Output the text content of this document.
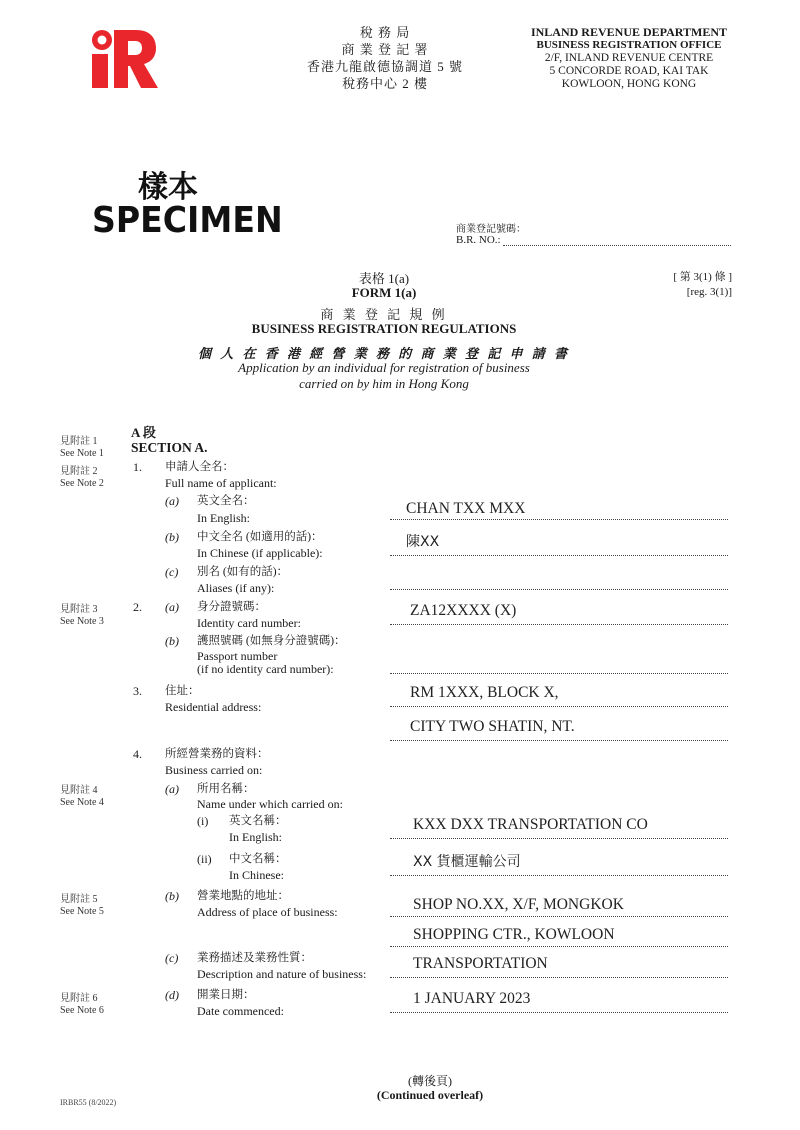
稅 務 局
商 業 登 記 署
香港九龍啟德協調道 5 號
稅務中心 2 樓
INLAND REVENUE DEPARTMENT
BUSINESS REGISTRATION OFFICE
2/F, INLAND REVENUE CENTRE
5 CONCORDE ROAD, KAI TAK
KOWLOON, HONG KONG
樣本
SPECIMEN	商業登記號碼：
B.R. NO.:
表格 1(a)
FORM 1(a)
[ 第 3(1) 條 ]
[reg. 3(1)]
商 業 登 記 規 例
BUSINESS REGISTRATION REGULATIONS
個 人 在 香 港 經 營 業 務 的 商 業 登 記 申 請 書
Application by an individual for registration of business
carried on by him in Hong Kong
A 段
SECTION A.
見附註 1
See Note 1
見附註 2
See Note 2
見附註 3
See Note 3
見附註 4
See Note 4
見附註 5
See Note 5
見附註 6
See Note 6
1. 申請人全名：
Full name of applicant:
(a) 英文全名：
In English:
CHAN TXX MXX
(b) 中文全名 (如適用的話)：
In Chinese (if applicable):
陳XX
(c) 別名 (如有的話)：
Aliases (if any):
2. (a) 身分證號碼：
Identity card number:
ZA12XXXX (X)
(b) 護照號碼 (如無身分證號碼)：
Passport number
(if no identity card number):
3. 住址：
Residential address:
RM 1XXX, BLOCK X,
CITY TWO SHATIN, NT.
4. 所經營業務的資料：
Business carried on:
(a) 所用名稱：
Name under which carried on:
(i) 英文名稱：
In English:
KXX DXX TRANSPORTATION CO
(ii) 中文名稱：
In Chinese:
XX 貨櫃運輸公司
(b) 營業地點的地址：
Address of place of business:	SHOP NO.XX, X/F, MONGKOK
SHOPPING CTR., KOWLOON
(c) 業務描述及業務性質：
Description and nature of business:
TRANSPORTATION
(d) 開業日期：
Date commenced:
1 JANUARY 2023
(轉後頁)
(Continued overleaf)
IRBR55 (8/2022)
